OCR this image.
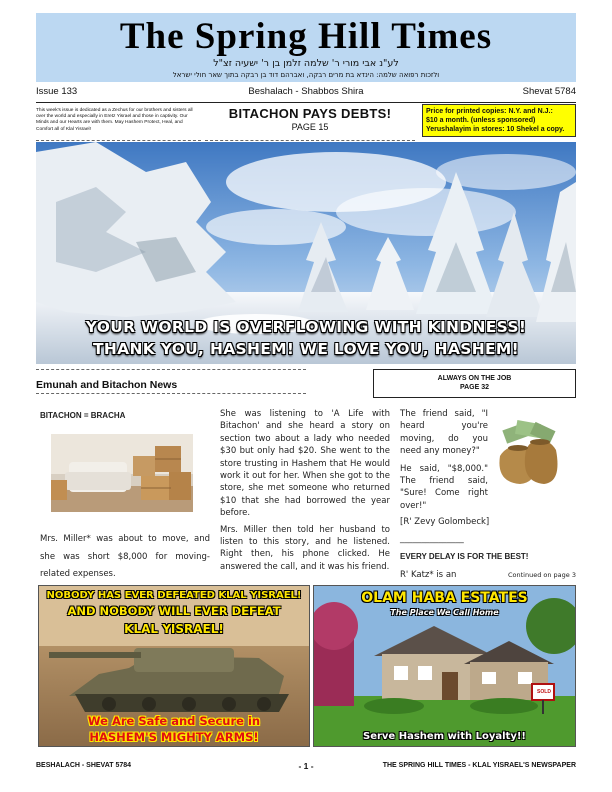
The Spring Hill Times
לע"נ אבי מורי ר' שלמה זלמן בן ר' ישעיה זצ"ל
ולזכות רפואה שלמה: הינדא בת מרים רבקה, ואברהם דוד בן רבקה בתוך שאר חולי ישראל
Issue 133	Beshalach - Shabbos Shira	Shevat 5784
This week's issue is dedicated as a Zechus for our brothers and sisters all over the world and especially in Eretz Yisrael and those in captivity. Our Minds and our Hearts are with them. May Hashem Protect, Heal, and Comfort all of Klal Yisrael!
BITACHON PAYS DEBTS!
PAGE 15
Price for printed copies: N.Y. and N.J.:
$10 a month. (unless sponsored)
Yerushalayim in stores: 10 Shekel a copy.
YOUR WORLD IS OVERFLOWING WITH KINDNESS!
THANK YOU, HASHEM! WE LOVE YOU, HASHEM!
Emunah and Bitachon News
ALWAYS ON THE JOB
PAGE 32
BITACHON = BRACHA
Mrs. Miller* was about to move, and she was short $8,000 for moving-related expenses.
She was listening to 'A Life with Bitachon' and she heard a story on section two about a lady who needed $30 but only had $20. She went to the store trusting in Hashem that He would work it out for her. When she got to the store, she met someone who returned $10 that she had borrowed the year before.
Mrs. Miller then told her husband to listen to this story, and he listened. Right then, his phone clicked. He answered the call, and it was his friend.
The friend said, "I heard you're moving, do you need any money?"
He said, "$8,000." The friend said, "Sure! Come right over!"
[R' Zevy Golombeck]
_______________
EVERY DELAY IS FOR THE BEST!
R' Katz* is an	Continued on page 3
NOBODY HAS EVER DEFEATED KLAL YISRAEL!
AND NOBODY WILL EVER DEFEAT
KLAL YISRAEL!
We Are Safe and Secure in
HASHEM'S MIGHTY ARMS!
SOLD
OLAM HABA ESTATES
The Place We Call Home
Serve Hashem with Loyalty!!
BESHALACH - SHEVAT 5784	- 1 -	THE SPRING HILL TIMES - KLAL YISRAEL'S NEWSPAPER
